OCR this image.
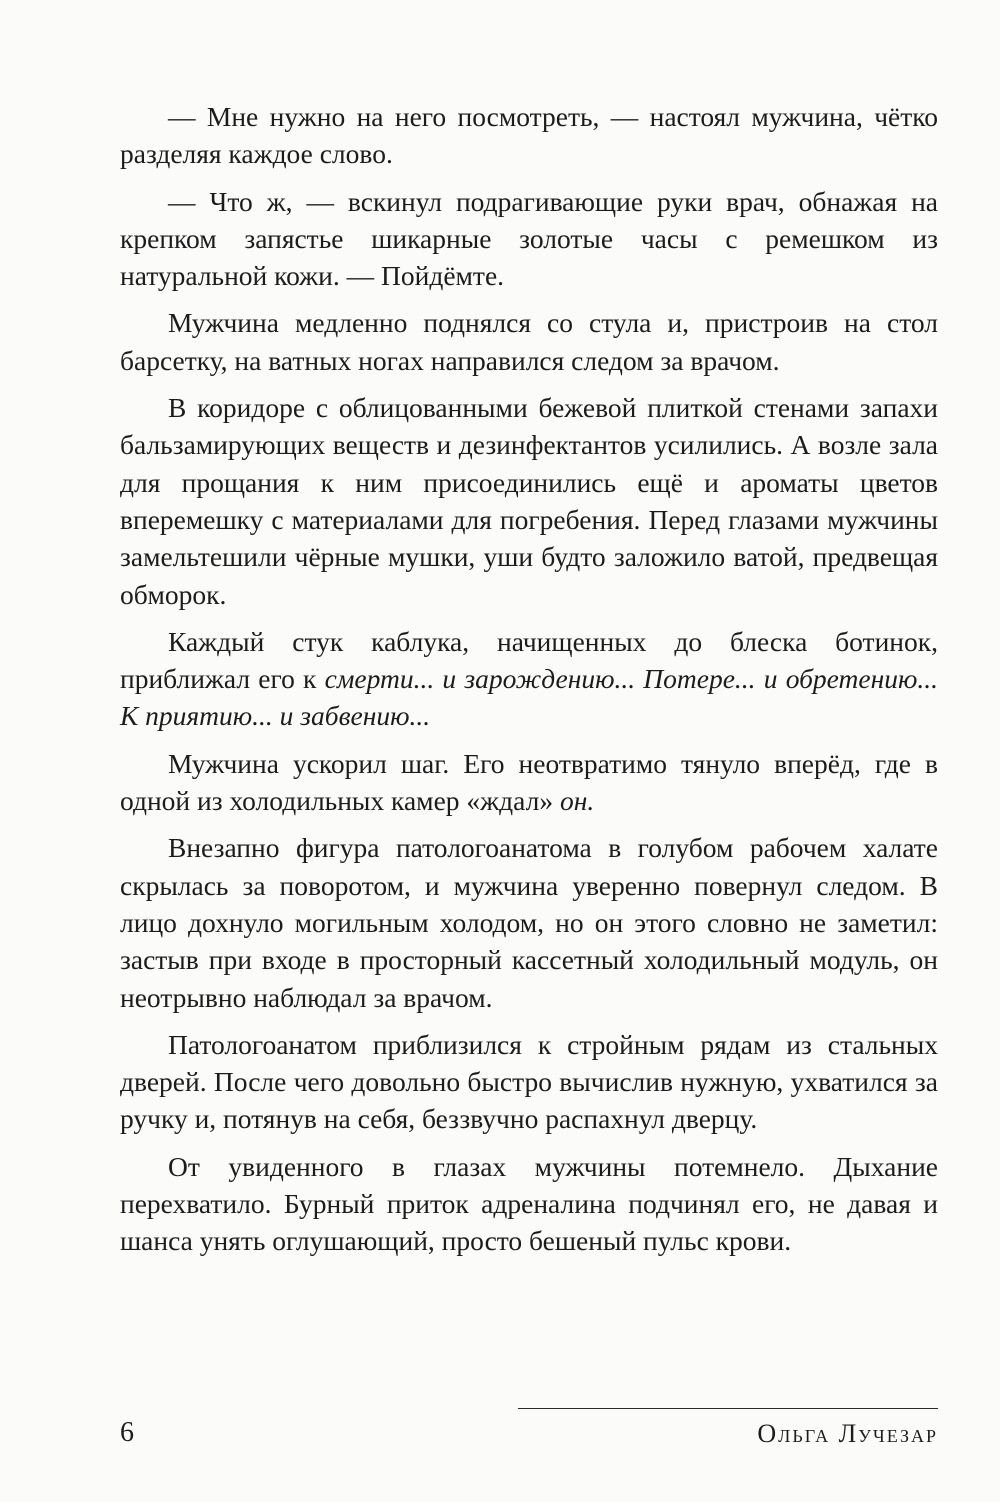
— Мне нужно на него посмотреть, — настоял мужчина, чётко разделяя каждое слово.

— Что ж, — вскинул подрагивающие руки врач, обнажая на крепком запястье шикарные золотые часы с ремешком из натуральной кожи. — Пойдёмте.

Мужчина медленно поднялся со стула и, пристроив на стол барсетку, на ватных ногах направился следом за врачом.

В коридоре с облицованными бежевой плиткой стенами запахи бальзамирующих веществ и дезинфектантов усилились. А возле зала для прощания к ним присоединились ещё и ароматы цветов вперемешку с материалами для погребения. Перед глазами мужчины замельтешили чёрные мушки, уши будто заложило ватой, предвещая обморок.

Каждый стук каблука, начищенных до блеска ботинок, приближал его к смерти... и зарождению... Потере... и обретению... К приятию... и забвению...

Мужчина ускорил шаг. Его неотвратимо тянуло вперёд, где в одной из холодильных камер «ждал» он.

Внезапно фигура патологоанатома в голубом рабочем халате скрылась за поворотом, и мужчина уверенно повернул следом. В лицо дохнуло могильным холодом, но он этого словно не заметил: застыв при входе в просторный кассетный холодильный модуль, он неотрывно наблюдал за врачом.

Патологоанатом приблизился к стройным рядам из стальных дверей. После чего довольно быстро вычислив нужную, ухватился за ручку и, потянув на себя, беззвучно распахнул дверцу.

От увиденного в глазах мужчины потемнело. Дыхание перехватило. Бурный приток адреналина подчинял его, не давая и шанса унять оглушающий, просто бешеный пульс крови.

6	Ольга Лучезар
